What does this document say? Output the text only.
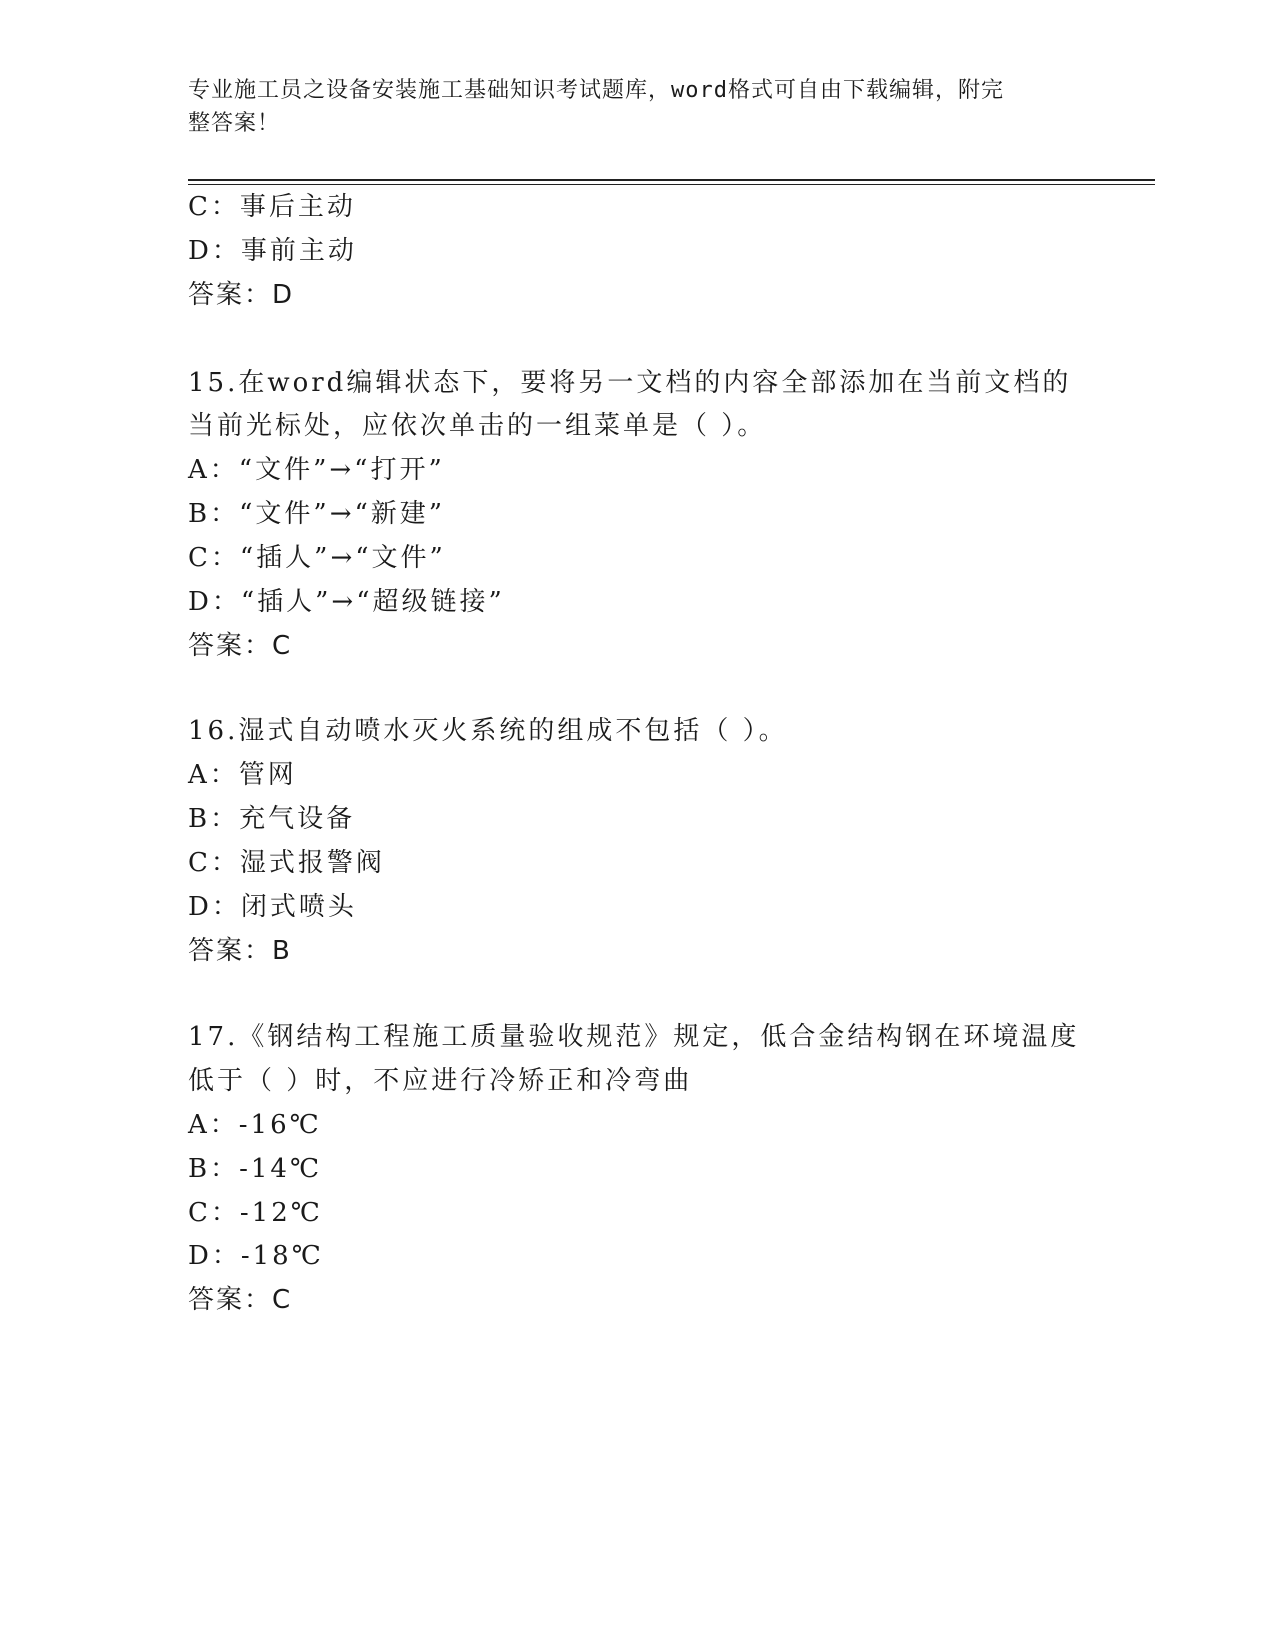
专业施工员之设备安装施工基础知识考试题库，word格式可自由下载编辑，附完
整答案！
C：事后主动
D：事前主动
答案：D
15.在word编辑状态下，要将另一文档的内容全部添加在当前文档的
当前光标处，应依次单击的一组菜单是（ ）。
A：“文件”→“打开”
B：“文件”→“新建”
C：“插人”→“文件”
D：“插人”→“超级链接”
答案：C
16.湿式自动喷水灭火系统的组成不包括（ ）。
A：管网
B：充气设备
C：湿式报警阀
D：闭式喷头
答案：B
17.《钢结构工程施工质量验收规范》规定，低合金结构钢在环境温度
低于（ ）时，不应进行冷矫正和冷弯曲
A：-16℃
B：-14℃
C：-12℃
D：-18℃
答案：C
